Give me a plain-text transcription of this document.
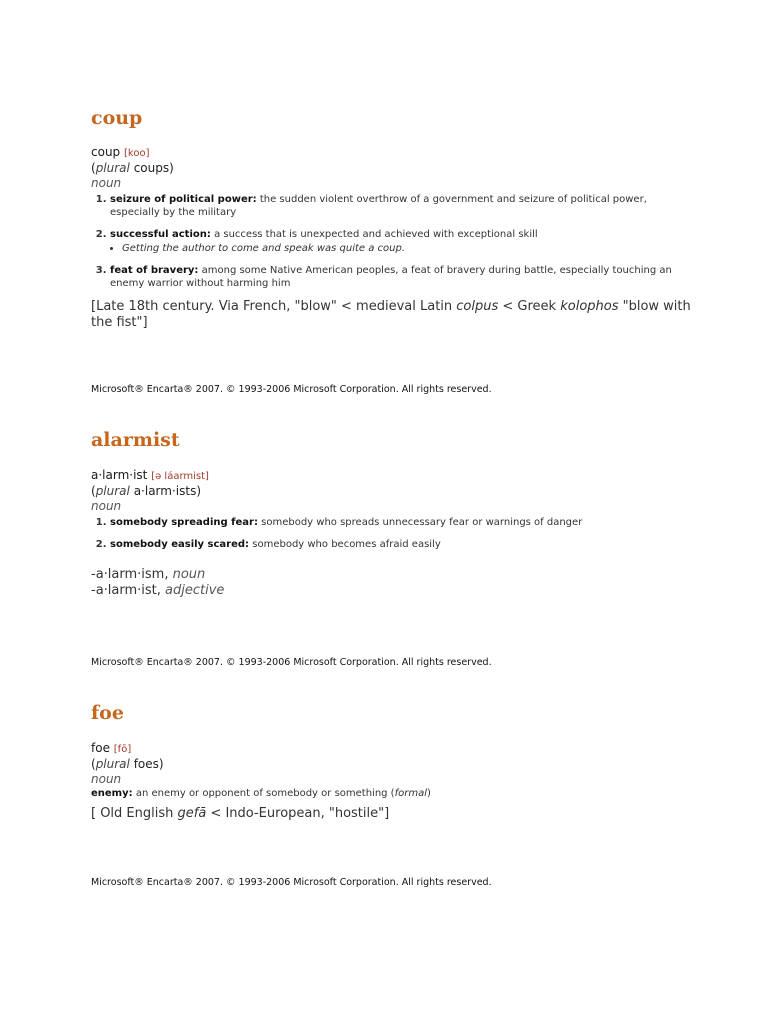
coup
coup [koo]
(plural coups)
noun
1. seizure of political power: the sudden violent overthrow of a government and seizure of political power, especially by the military
2. successful action: a success that is unexpected and achieved with exceptional skill
• Getting the author to come and speak was quite a coup.
3. feat of bravery: among some Native American peoples, a feat of bravery during battle, especially touching an enemy warrior without harming him
[Late 18th century. Via French, "blow" < medieval Latin colpus < Greek kolophos "blow with the fist"]
Microsoft® Encarta® 2007. © 1993-2006 Microsoft Corporation. All rights reserved.
alarmist
a·larm·ist [ə láarmist]
(plural a·larm·ists)
noun
1. somebody spreading fear: somebody who spreads unnecessary fear or warnings of danger
2. somebody easily scared: somebody who becomes afraid easily
-a·larm·ism, noun
-a·larm·ist, adjective
Microsoft® Encarta® 2007. © 1993-2006 Microsoft Corporation. All rights reserved.
foe
foe [fō]
(plural foes)
noun
enemy: an enemy or opponent of somebody or something (formal)
[ Old English gefā < Indo-European, "hostile"]
Microsoft® Encarta® 2007. © 1993-2006 Microsoft Corporation. All rights reserved.
